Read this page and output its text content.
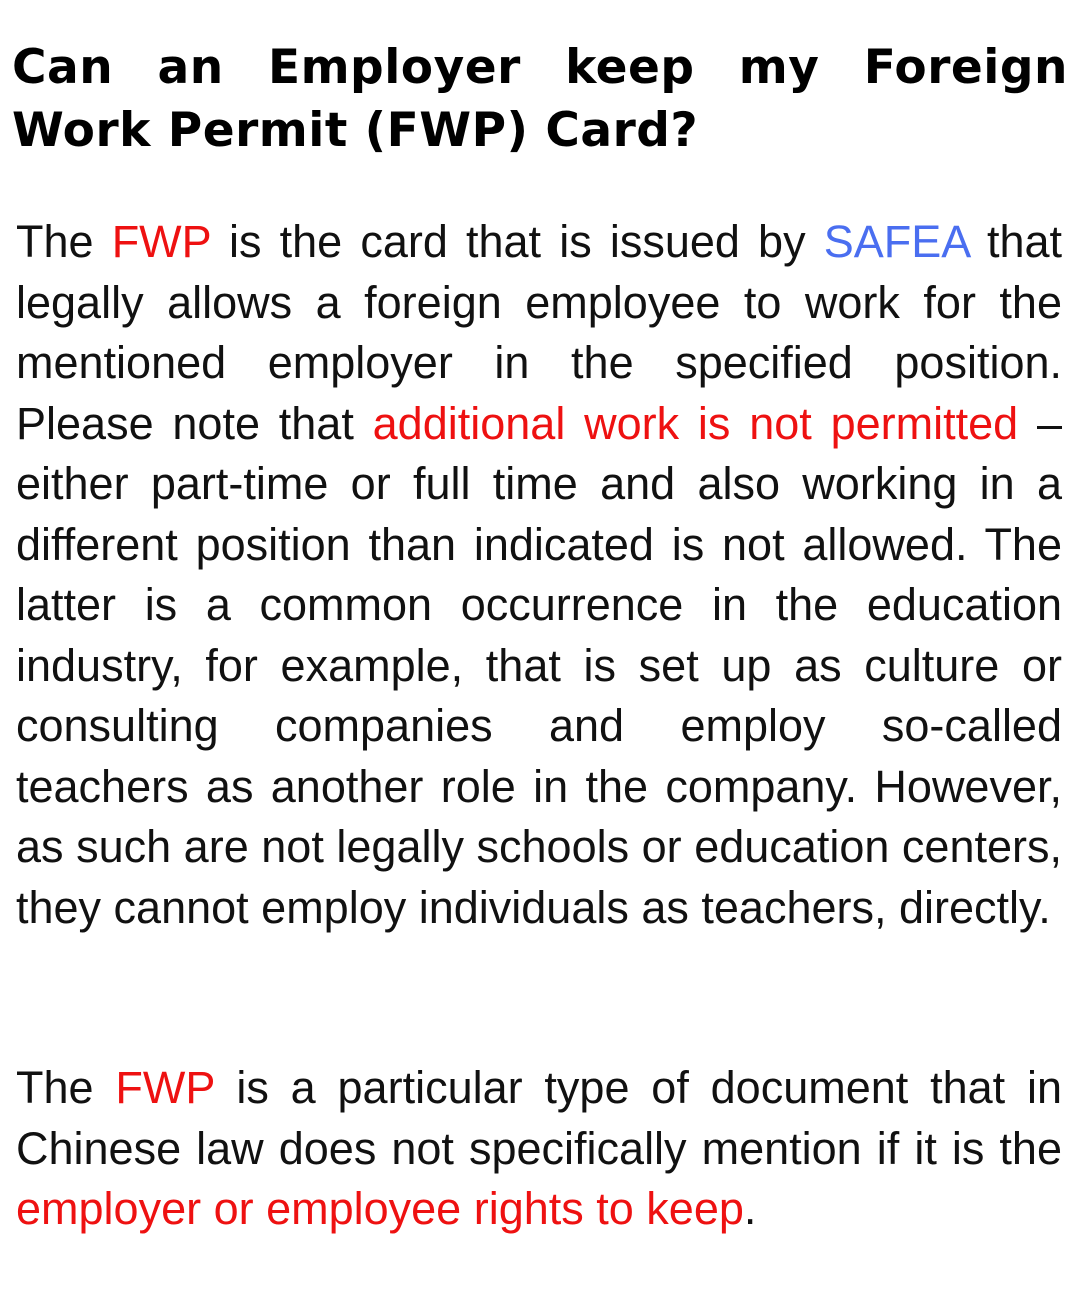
Can an Employer keep my Foreign Work Permit (FWP) Card?

The FWP is the card that is issued by SAFEA that legally allows a foreign employee to work for the mentioned employer in the specified position. Please note that additional work is not permitted – either part-time or full time and also working in a different position than indicated is not allowed. The latter is a common occurrence in the education industry, for example, that is set up as culture or consulting companies and employ so-called teachers as another role in the company. However, as such are not legally schools or education centers, they cannot employ individuals as teachers, directly.

The FWP is a particular type of document that in Chinese law does not specifically mention if it is the employer or employee rights to keep.
